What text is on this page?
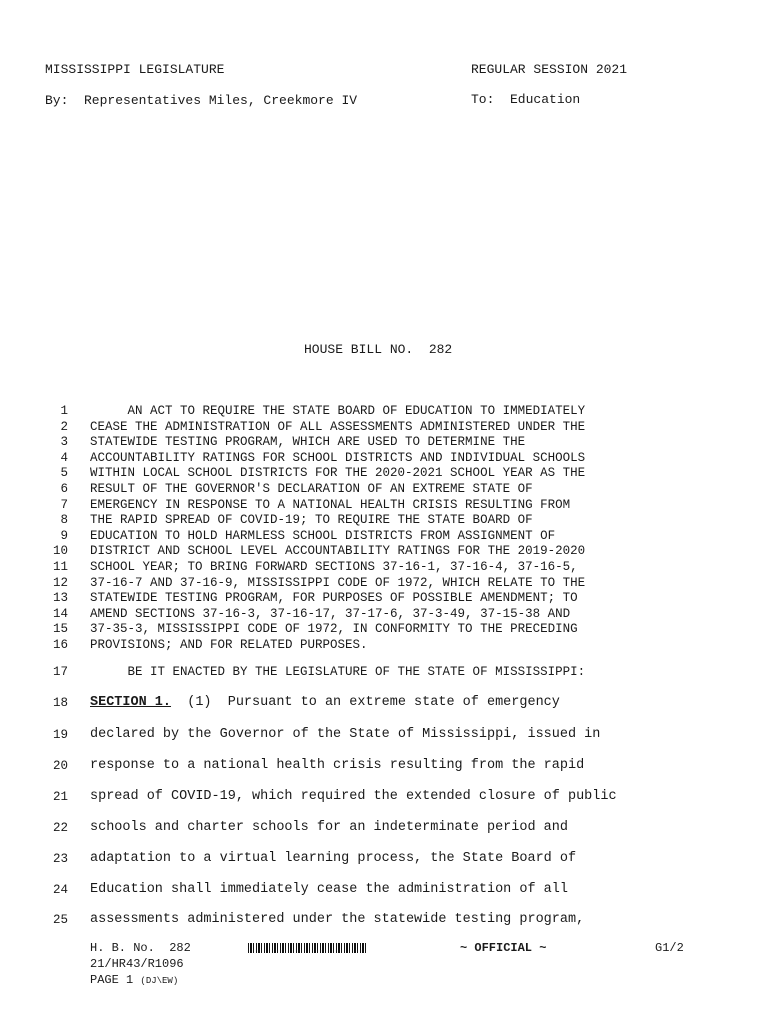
MISSISSIPPI LEGISLATURE	REGULAR SESSION 2021
By:  Representatives Miles, Creekmore IV	To:  Education
HOUSE BILL NO.  282
1 AN ACT TO REQUIRE THE STATE BOARD OF EDUCATION TO IMMEDIATELY
2 CEASE THE ADMINISTRATION OF ALL ASSESSMENTS ADMINISTERED UNDER THE
3 STATEWIDE TESTING PROGRAM, WHICH ARE USED TO DETERMINE THE
4 ACCOUNTABILITY RATINGS FOR SCHOOL DISTRICTS AND INDIVIDUAL SCHOOLS
5 WITHIN LOCAL SCHOOL DISTRICTS FOR THE 2020-2021 SCHOOL YEAR AS THE
6 RESULT OF THE GOVERNOR'S DECLARATION OF AN EXTREME STATE OF
7 EMERGENCY IN RESPONSE TO A NATIONAL HEALTH CRISIS RESULTING FROM
8 THE RAPID SPREAD OF COVID-19; TO REQUIRE THE STATE BOARD OF
9 EDUCATION TO HOLD HARMLESS SCHOOL DISTRICTS FROM ASSIGNMENT OF
10 DISTRICT AND SCHOOL LEVEL ACCOUNTABILITY RATINGS FOR THE 2019-2020
11 SCHOOL YEAR; TO BRING FORWARD SECTIONS 37-16-1, 37-16-4, 37-16-5,
12 37-16-7 AND 37-16-9, MISSISSIPPI CODE OF 1972, WHICH RELATE TO THE
13 STATEWIDE TESTING PROGRAM, FOR PURPOSES OF POSSIBLE AMENDMENT; TO
14 AMEND SECTIONS 37-16-3, 37-16-17, 37-17-6, 37-3-49, 37-15-38 AND
15 37-35-3, MISSISSIPPI CODE OF 1972, IN CONFORMITY TO THE PRECEDING
16 PROVISIONS; AND FOR RELATED PURPOSES.
17 BE IT ENACTED BY THE LEGISLATURE OF THE STATE OF MISSISSIPPI:
18 SECTION 1.  (1)  Pursuant to an extreme state of emergency
19 declared by the Governor of the State of Mississippi, issued in
20 response to a national health crisis resulting from the rapid
21 spread of COVID-19, which required the extended closure of public
22 schools and charter schools for an indeterminate period and
23 adaptation to a virtual learning process, the State Board of
24 Education shall immediately cease the administration of all
25 assessments administered under the statewide testing program,
H. B. No.  282	~ OFFICIAL ~	G1/2
21/HR43/R1096
PAGE 1 (DJ\EW)
